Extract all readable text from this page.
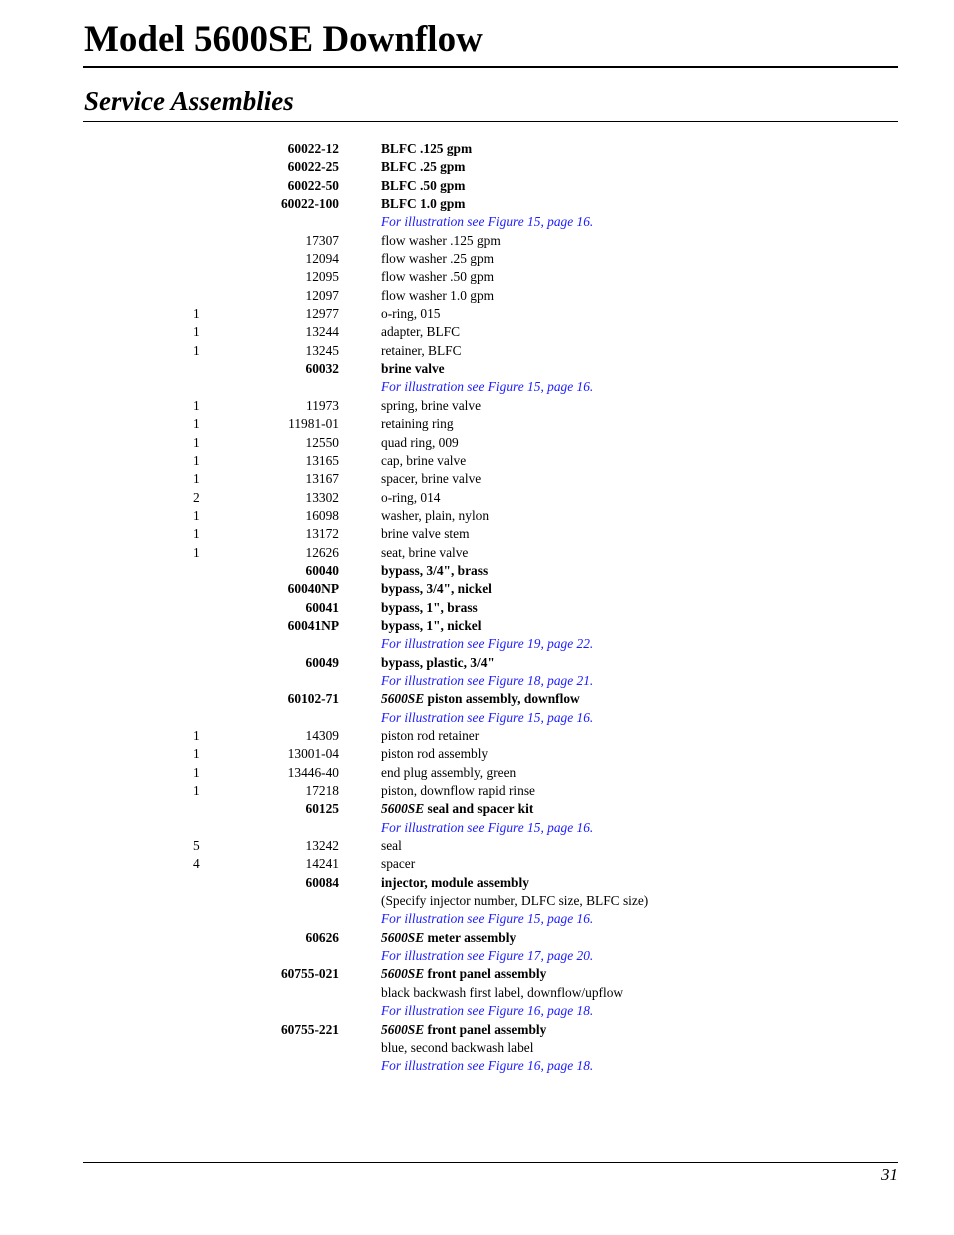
Model 5600SE Downflow
Service Assemblies
60022-12	BLFC .125 gpm
60022-25	BLFC .25 gpm
60022-50	BLFC .50 gpm
60022-100	BLFC 1.0 gpm
For illustration see Figure 15, page 16.
17307	flow washer .125 gpm
12094	flow washer .25 gpm
12095	flow washer .50 gpm
12097	flow washer 1.0 gpm
1	12977	o-ring, 015
1	13244	adapter, BLFC
1	13245	retainer, BLFC
60032	brine valve
For illustration see Figure 15, page 16.
1	11973	spring, brine valve
1	11981-01	retaining ring
1	12550	quad ring, 009
1	13165	cap, brine valve
1	13167	spacer, brine valve
2	13302	o-ring, 014
1	16098	washer, plain, nylon
1	13172	brine valve stem
1	12626	seat, brine valve
60040	bypass, 3/4", brass
60040NP	bypass, 3/4", nickel
60041	bypass, 1", brass
60041NP	bypass, 1", nickel
For illustration see Figure 19, page 22.
60049	bypass, plastic, 3/4"
For illustration see Figure 18, page 21.
60102-71	5600SE piston assembly, downflow
For illustration see Figure 15, page 16.
1	14309	piston rod retainer
1	13001-04	piston rod assembly
1	13446-40	end plug assembly, green
1	17218	piston, downflow rapid rinse
60125	5600SE seal and spacer kit
For illustration see Figure 15, page 16.
5	13242	seal
4	14241	spacer
60084	injector, module assembly
(Specify injector number, DLFC size, BLFC size)
For illustration see Figure 15, page 16.
60626	5600SE meter assembly
For illustration see Figure 17, page 20.
60755-021	5600SE front panel assembly
black backwash first label, downflow/upflow
For illustration see Figure 16, page 18.
60755-221	5600SE front panel assembly
blue, second backwash label
For illustration see Figure 16, page 18.
31
